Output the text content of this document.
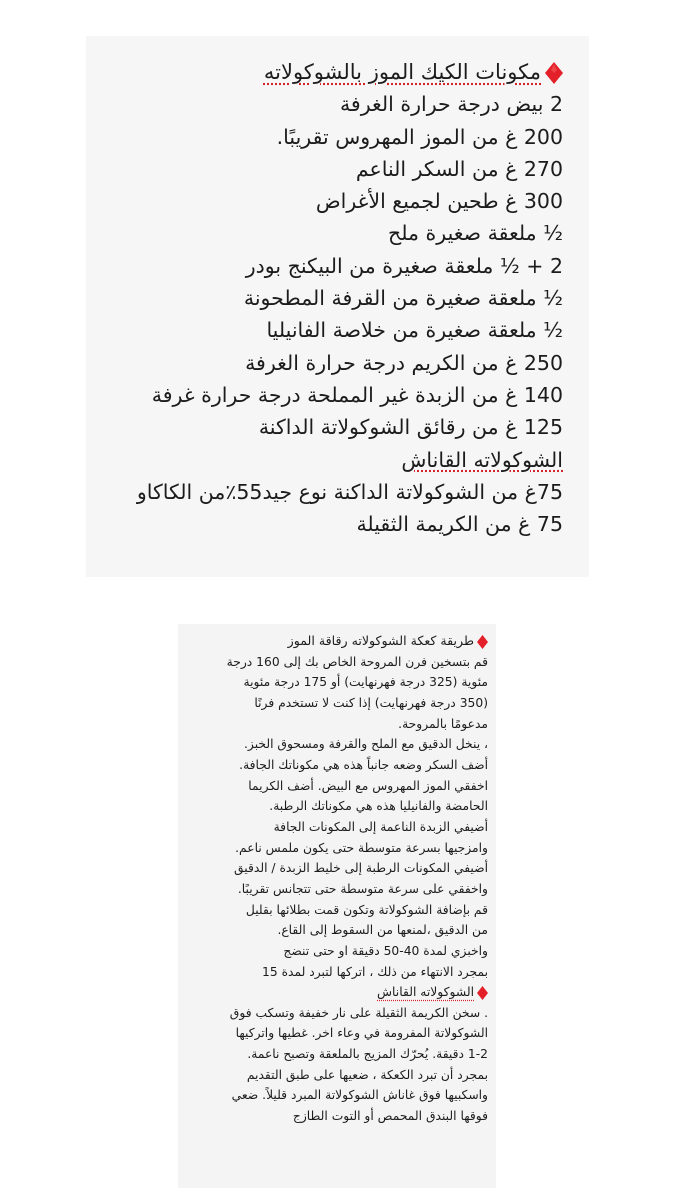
مكونات الكيك الموز بالشوكولاته
2 بيض درجة حرارة الغرفة
200 غ من الموز المهروس تقريبًا.
270 غ من السكر الناعم
300 غ طحين لجميع الأغراض
½ ملعقة صغيرة ملح
2 + ½ ملعقة صغيرة من البيكنج بودر
½ ملعقة صغيرة من القرفة المطحونة
½ ملعقة صغيرة من خلاصة الفانيليا
250 غ من الكريم درجة حرارة الغرفة
140 غ من الزبدة غير المملحة درجة حرارة غرفة
125 غ من رقائق الشوكولاتة الداكنة
الشوكولاته القاناش
75غ من الشوكولاتة الداكنة نوع جيد55٪من الكاكاو
75 غ من الكريمة الثقيلة
طريقة كعكة الشوكولاته رقاقة الموز
قم بتسخين فرن المروحة الخاص بك إلى 160 درجة
مئوية (325 درجة فهرنهايت) أو 175 درجة مئوية
(350 درجة فهرنهايت) إذا كنت لا تستخدم فرنًا
مدعومًا بالمروحة.
، ينخل الدقيق مع الملح والقرفة ومسحوق الخبز.
أضف السكر وضعه جانباً هذه هي مكوناتك الجافة.
اخفقي الموز المهروس مع البيض. أضف الكريما
الحامضة والفانيليا هذه هي مكوناتك الرطبة.
أضيفي الزبدة الناعمة إلى المكونات الجافة
وامزجيها بسرعة متوسطة حتى يكون ملمس ناعم.
أضيفي المكونات الرطبة إلى خليط الزبدة / الدقيق
واخفقي على سرعة متوسطة حتى تتجانس تقريبًا.
قم بإضافة الشوكولاتة وتكون قمت بطلائها بقليل
من الدقيق ،لمنعها من السقوط إلى القاع.
واخبزي لمدة 40-50 دقيقة او حتى تنضج
بمجرد الانتهاء من ذلك ، اتركها لتبرد لمدة 15
الشوكولاته القاناش
. سخن الكريمة الثقيلة على نار خفيفة وتسكب فوق
الشوكولاتة المفرومة في وعاء اخر. غطيها واتركيها
1-2 دقيقة. يُحرّك المزيج بالملعقة وتصبح ناعمة.
بمجرد أن تبرد الكعكة ، ضعيها على طبق التقديم
واسكبيها فوق غاناش الشوكولاتة المبرد قليلاً. ضعي
فوقها البندق المحمص أو التوت الطازج
